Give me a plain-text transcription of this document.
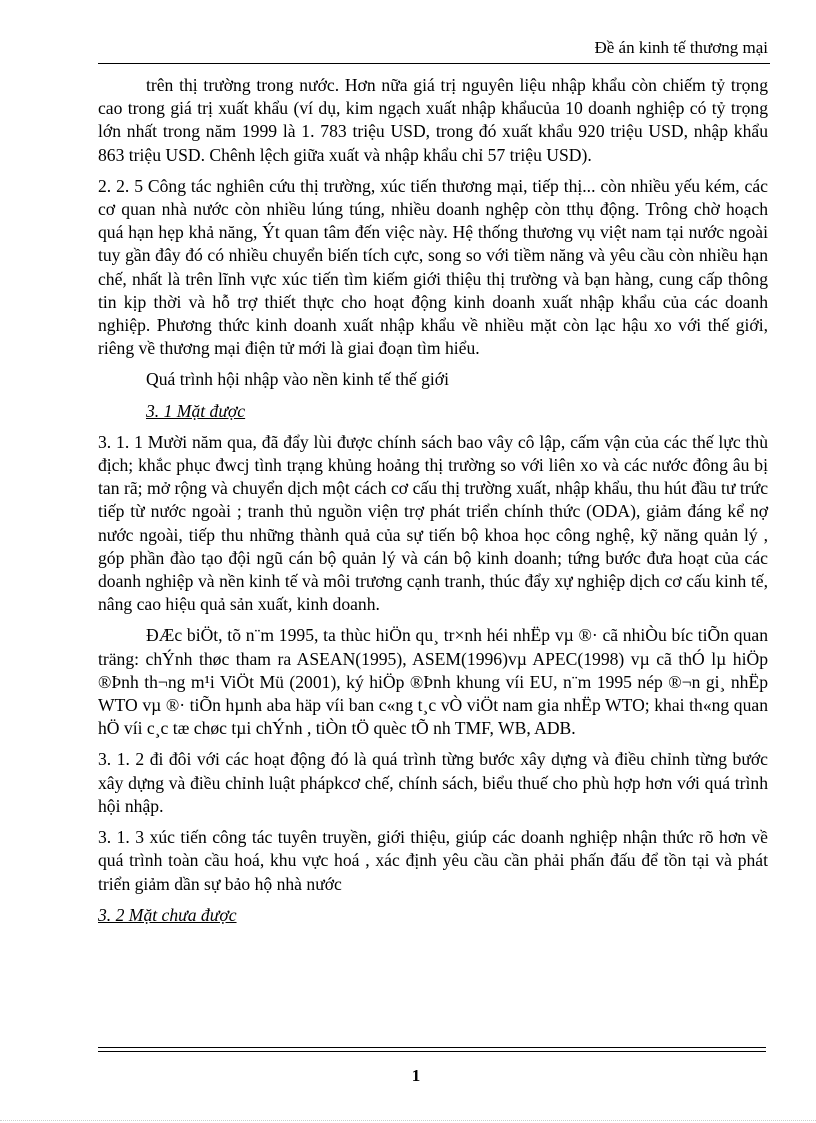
Đề án kinh tế thương mại

trên thị trường trong nước. Hơn nữa giá trị nguyên liệu nhập khẩu còn chiếm tỷ trọng cao trong giá trị xuất khẩu (ví dụ, kim ngạch xuất nhập khẩucủa 10 doanh nghiệp có tỷ trọng lớn nhất trong năm 1999 là 1. 783 triệu USD, trong đó xuất khẩu 920 triệu USD, nhập khẩu 863 triệu USD. Chênh lệch giữa xuất và nhập khẩu chỉ 57 triệu USD).

2. 2. 5 Công tác nghiên cứu thị trường, xúc tiến thương mại, tiếp thị... còn nhiều yếu kém, các cơ quan nhà nước còn nhiều lúng túng, nhiều doanh nghệp còn tthụ động. Trông chờ hoạch quá hạn hẹp khả năng, Ýt quan tâm đến việc này. Hệ thống thương vụ việt nam tại nước ngoài tuy gần đây đó có nhiều chuyển biến tích cực, song so với tiềm năng và yêu cầu còn nhiều hạn chế, nhất là trên lĩnh vực xúc tiến tìm kiếm giới thiệu thị trường và bạn hàng, cung cấp thông tin kịp thời và hỗ trợ thiết thực cho hoạt động kinh doanh xuất nhập khẩu của các doanh nghiệp. Phương thức kinh doanh xuất nhập khẩu về nhiều mặt còn lạc hậu xo với thế giới, riêng về thương mại điện tử mới là giai đoạn tìm hiểu.

Quá trình hội nhập vào nền kinh tế thế giới

3. 1 Mặt được

3. 1. 1 Mười năm qua, đã đẩy lùi được chính sách bao vây cô lập, cấm vận của các thế lực thù địch; khắc phục đwcj tình trạng khủng hoảng thị trường so với liên xo và các nước đông âu bị tan rã; mở rộng và chuyển dịch một cách cơ cấu thị trường xuất, nhập khẩu, thu hút đầu tư trức tiếp từ nước ngoài ; tranh thủ nguồn viện trợ phát triển chính thức (ODA), giảm đáng kể nợ nước ngoài, tiếp thu những thành quả của sự tiến bộ khoa học công nghệ, kỹ năng quản lý , góp phần đào tạo đội ngũ cán bộ quản lý và cán bộ kinh doanh; tứng bước đưa hoạt của các doanh nghiệp và nền kinh tế và môi trương cạnh tranh, thúc đẩy xự nghiệp dịch cơ cấu kinh tế, nâng cao hiệu quả sản xuất, kinh doanh.

ĐÆc biÖt, tõ n¨m 1995, ta thùc hiÖn qu¸ tr×nh héi nhËp vµ ®· cã nhiÒu bíc tiÕn quan träng: chÝnh thøc tham ra ASEAN(1995), ASEM(1996)vµ APEC(1998) vµ cã thÓ lµ hiÖp ®Þnh th¬ng m¹i ViÖt Mü (2001), ký hiÖp ®Þnh khung víi EU, n¨m 1995 nép ®¬n gi¸ nhËp WTO vµ ®· tiÕn hµnh aba häp víi ban c«ng t¸c vÒ viÖt nam gia nhËp WTO; khai th«ng quan hÖ víi c¸c tæ chøc tµi chÝnh , tiÒn tÖ quèc tÕ nh TMF, WB, ADB.

3. 1. 2 đi đôi với các hoạt động đó là quá trình từng bước xây dựng và điều chỉnh từng bước xây dựng và điều chỉnh luật phápkcơ chế, chính sách, biểu thuế cho phù hợp hơn với quá trình hội nhập.

3. 1. 3 xúc tiến công tác tuyên truyền, giới thiệu, giúp các doanh nghiệp nhận thức rõ hơn về quá trình toàn cầu hoá, khu vực hoá , xác định yêu cầu cần phải phấn đấu để tồn tại và phát triển giảm dần sự bảo hộ nhà nước

3. 2 Mặt chưa được

1
